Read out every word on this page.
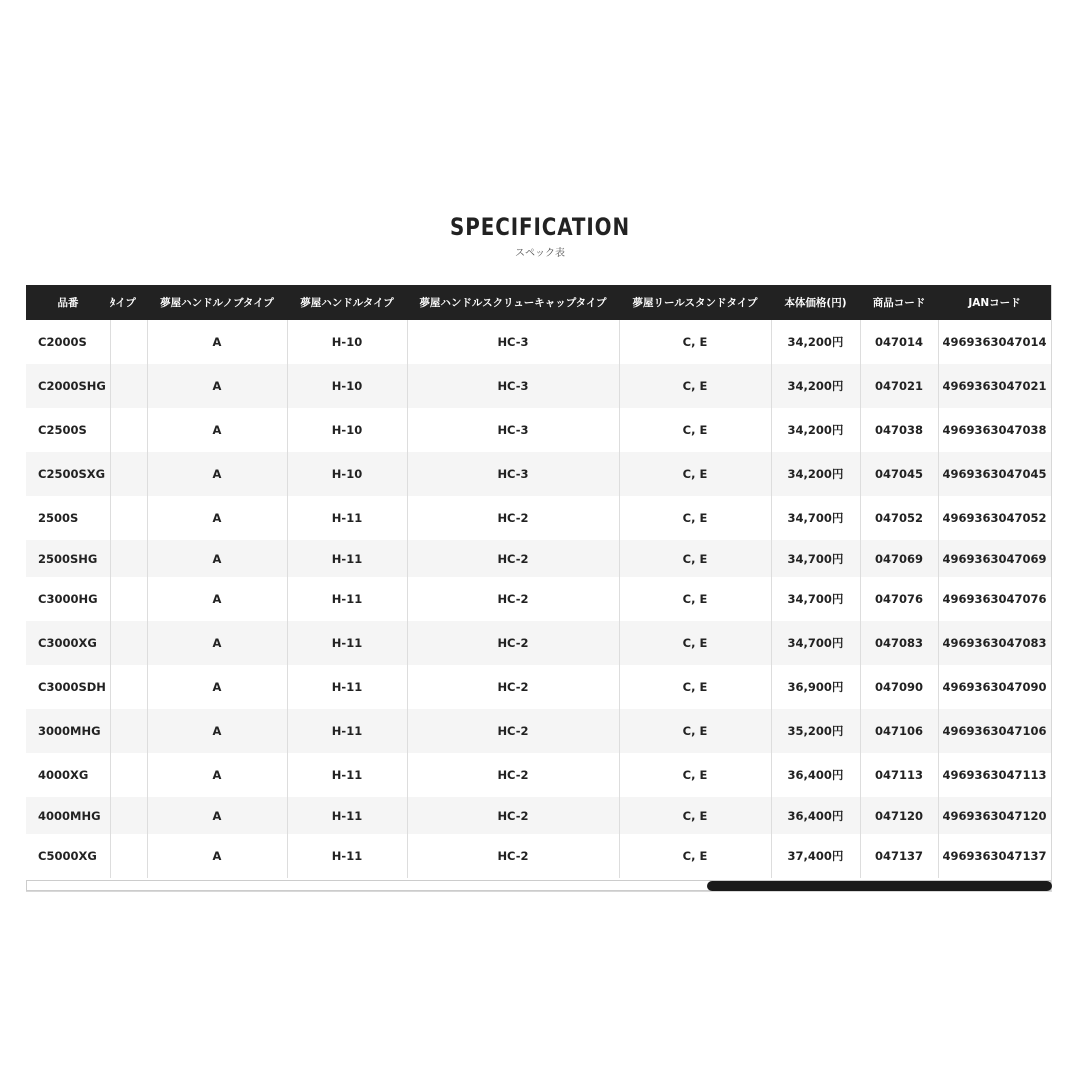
SPECIFICATION
スペック表
品番	ﾀイプ	夢屋ハンドルノブタイプ	夢屋ハンドルタイプ	夢屋ハンドルスクリューキャップタイプ	夢屋リールスタンドタイプ	本体価格(円)	商品コード	JANコード
C2000S		A	H-10	HC-3	C, E	34,200円	047014	4969363047014
C2000SHG		A	H-10	HC-3	C, E	34,200円	047021	4969363047021
C2500S		A	H-10	HC-3	C, E	34,200円	047038	4969363047038
C2500SXG		A	H-10	HC-3	C, E	34,200円	047045	4969363047045
2500S		A	H-11	HC-2	C, E	34,700円	047052	4969363047052
2500SHG		A	H-11	HC-2	C, E	34,700円	047069	4969363047069
C3000HG		A	H-11	HC-2	C, E	34,700円	047076	4969363047076
C3000XG		A	H-11	HC-2	C, E	34,700円	047083	4969363047083
C3000SDH		A	H-11	HC-2	C, E	36,900円	047090	4969363047090
3000MHG		A	H-11	HC-2	C, E	35,200円	047106	4969363047106
4000XG		A	H-11	HC-2	C, E	36,400円	047113	4969363047113
4000MHG		A	H-11	HC-2	C, E	36,400円	047120	4969363047120
C5000XG		A	H-11	HC-2	C, E	37,400円	047137	4969363047137
